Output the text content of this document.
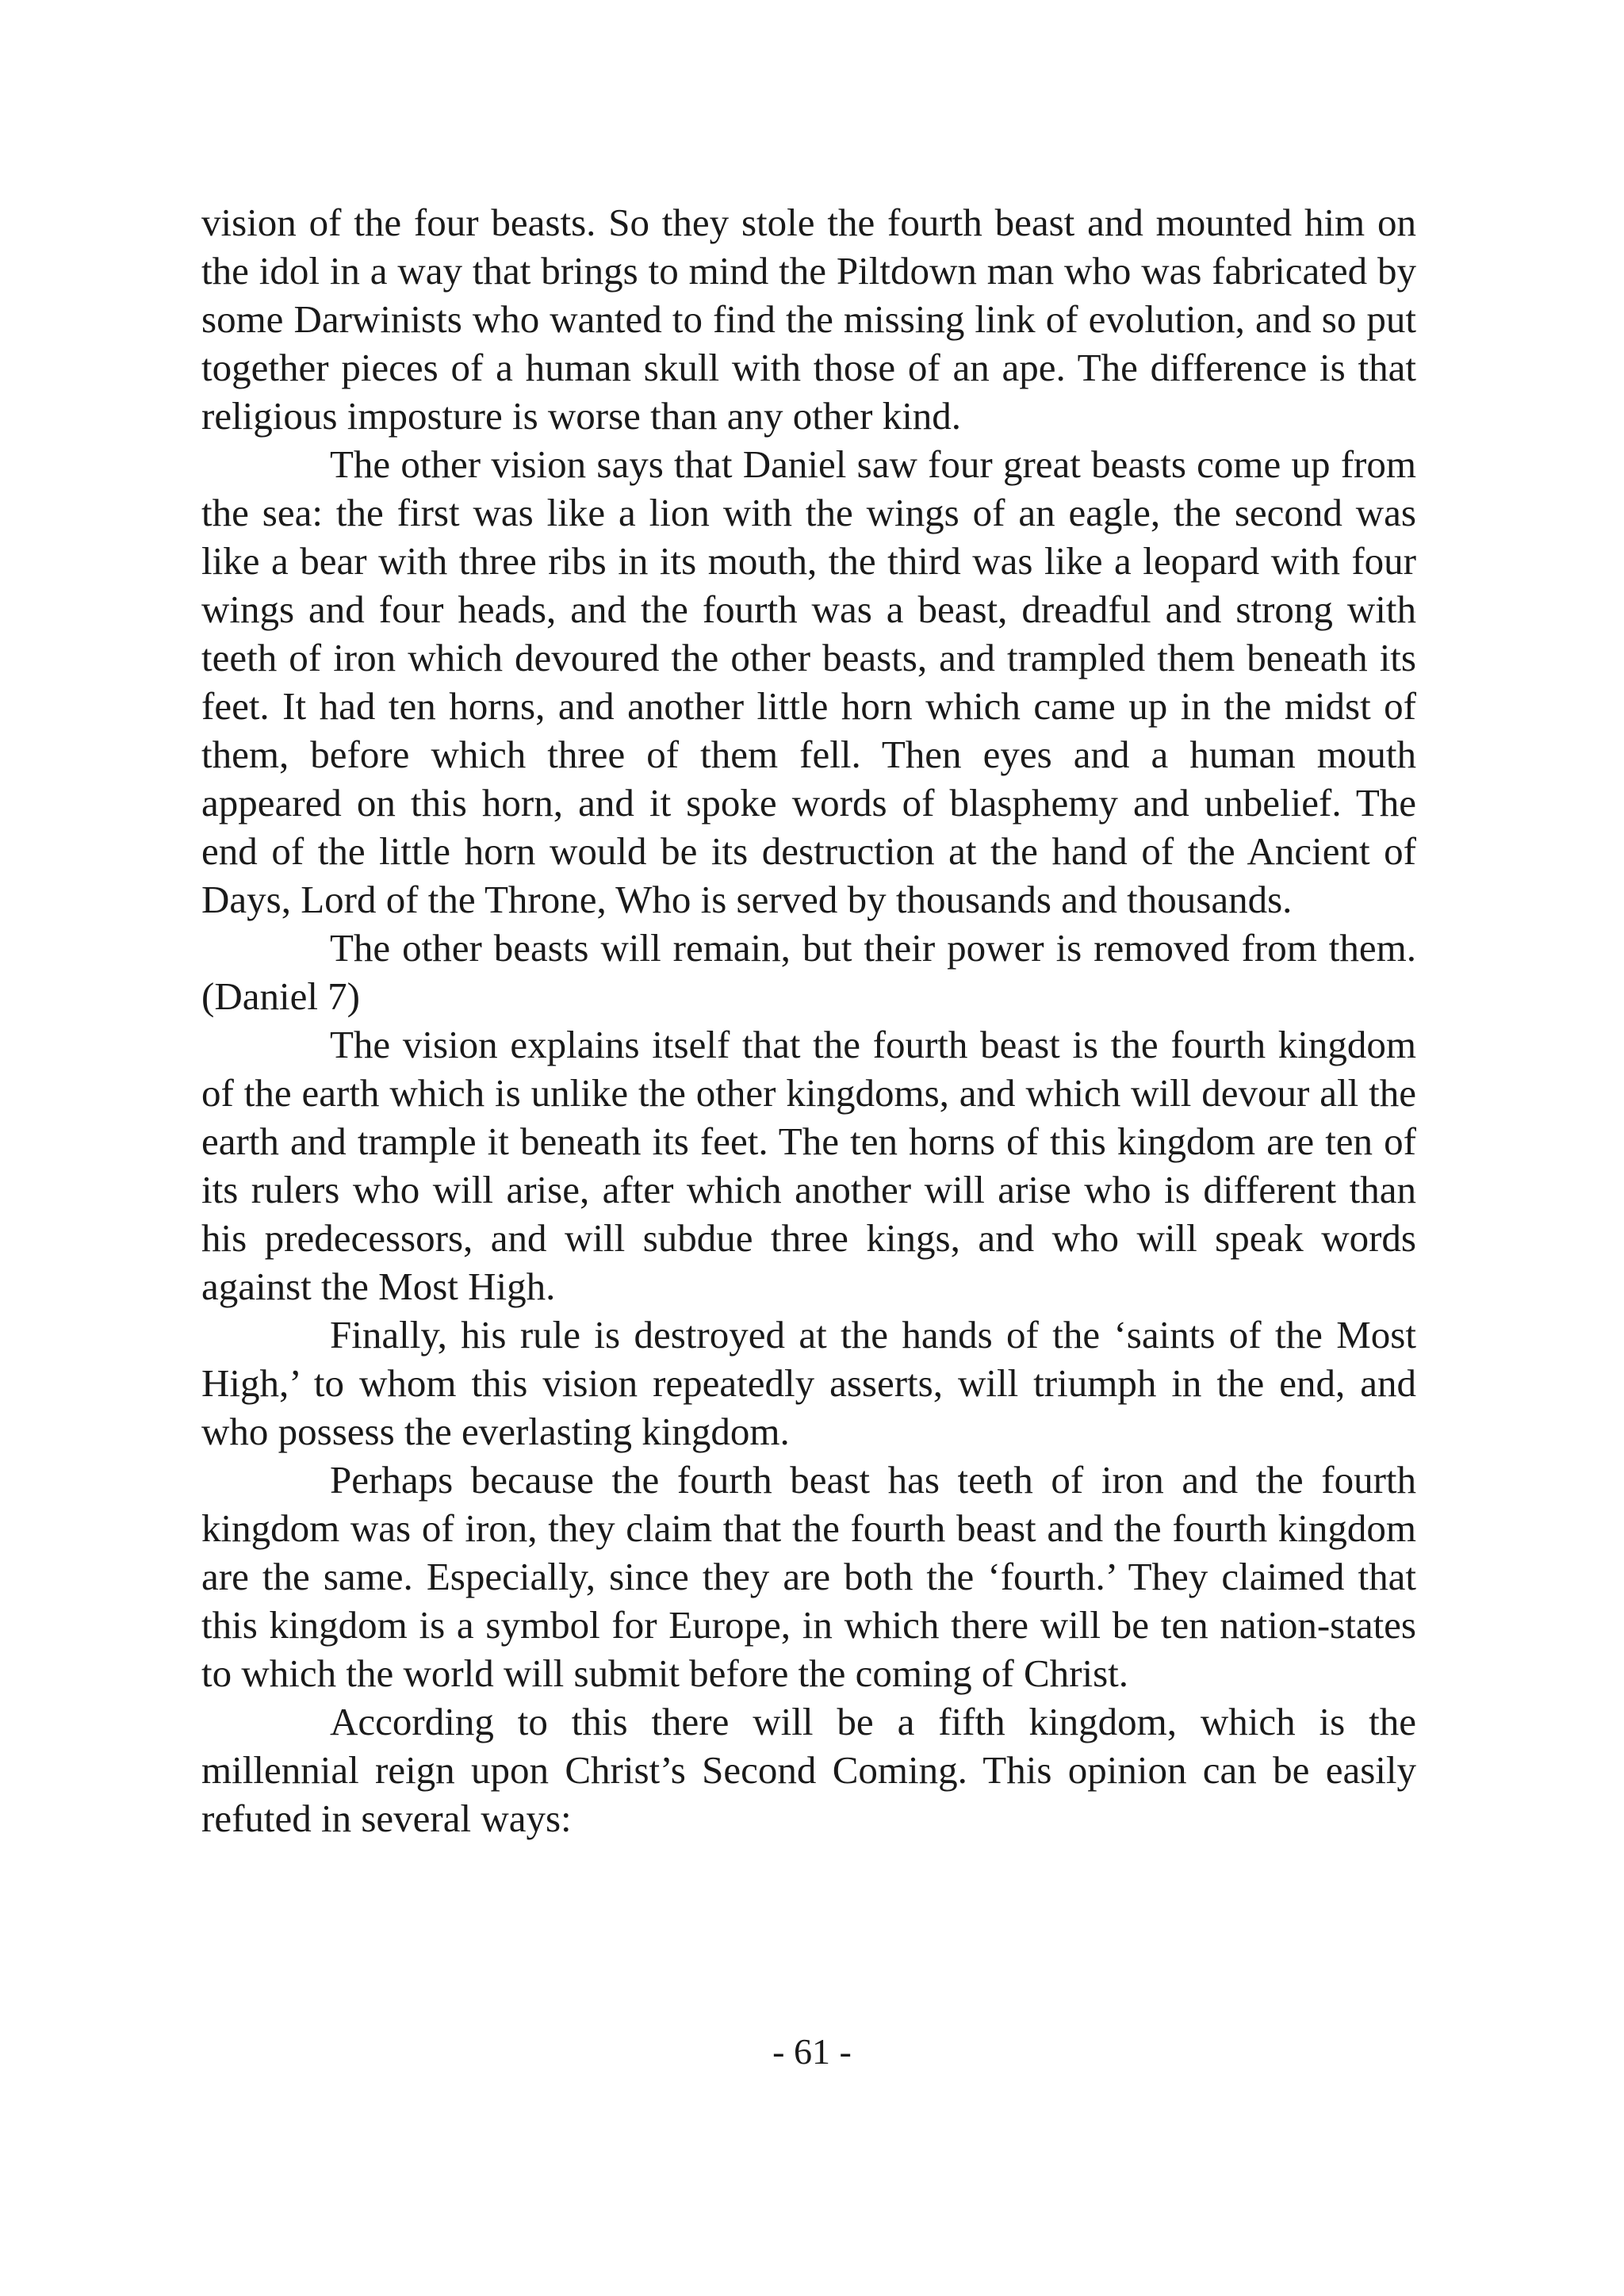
vision of the four beasts. So they stole the fourth beast and mounted him on the idol in a way that brings to mind the Piltdown man who was fabricated by some Darwinists who wanted to find the missing link of evolution, and so put together pieces of a human skull with those of an ape. The difference is that religious imposture is worse than any other kind.

The other vision says that Daniel saw four great beasts come up from the sea: the first was like a lion with the wings of an eagle, the second was like a bear with three ribs in its mouth, the third was like a leopard with four wings and four heads, and the fourth was a beast, dreadful and strong with teeth of iron which devoured the other beasts, and trampled them beneath its feet. It had ten horns, and another little horn which came up in the midst of them, before which three of them fell. Then eyes and a human mouth appeared on this horn, and it spoke words of blasphemy and unbelief. The end of the little horn would be its destruction at the hand of the Ancient of Days, Lord of the Throne, Who is served by thousands and thousands.

The other beasts will remain, but their power is removed from them. (Daniel 7)

The vision explains itself that the fourth beast is the fourth kingdom of the earth which is unlike the other kingdoms, and which will devour all the earth and trample it beneath its feet. The ten horns of this kingdom are ten of its rulers who will arise, after which another will arise who is different than his predecessors, and will subdue three kings, and who will speak words against the Most High.

Finally, his rule is destroyed at the hands of the ‘saints of the Most High,’ to whom this vision repeatedly asserts, will triumph in the end, and who possess the everlasting kingdom.

Perhaps because the fourth beast has teeth of iron and the fourth kingdom was of iron, they claim that the fourth beast and the fourth kingdom are the same. Especially, since they are both the ‘fourth.’ They claimed that this kingdom is a symbol for Europe, in which there will be ten nation-states to which the world will submit before the coming of Christ.

According to this there will be a fifth kingdom, which is the millennial reign upon Christ’s Second Coming. This opinion can be easily refuted in several ways:

- 61 -
